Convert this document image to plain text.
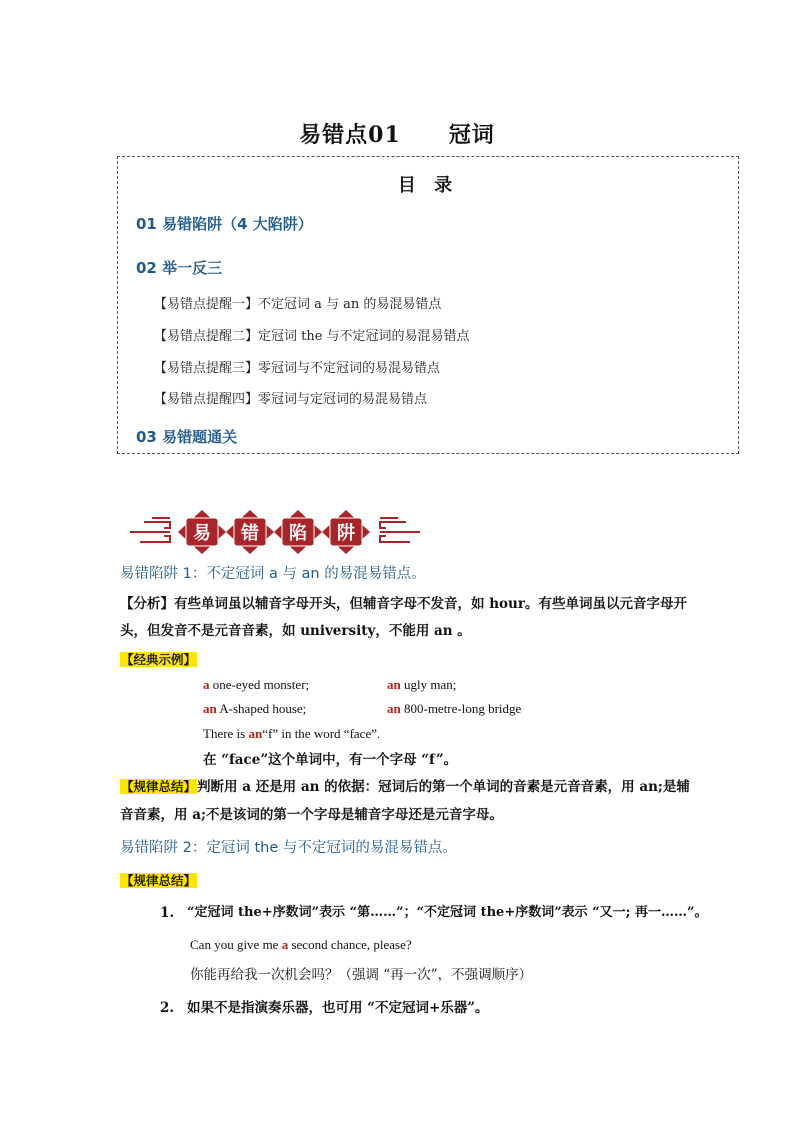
易错点01 冠词
目 录
01 易错陷阱（4 大陷阱）
02 举一反三
【易错点提醒一】不定冠词 a 与 an 的易混易错点
【易错点提醒二】定冠词 the 与不定冠词的易混易错点
【易错点提醒三】零冠词与不定冠词的易混易错点
【易错点提醒四】零冠词与定冠词的易混易错点
03 易错题通关
易 错 陷 阱
易错陷阱 1：不定冠词 a 与 an 的易混易错点。
【分析】有些单词虽以辅音字母开头，但辅音字母不发音，如 hour。有些单词虽以元音字母开
头，但发音不是元音音素，如 university，不能用 an 。
【经典示例】
a one-eyed monster;	an ugly man;
an A-shaped house;	an 800-metre-long bridge
There is an“f” in the word “face”.
在 “face”这个单词中，有一个字母 “f”。
【规律总结】判断用 a 还是用 an 的依据：冠词后的第一个单词的音素是元音音素，用 an;是辅
音音素，用 a;不是该词的第一个字母是辅音字母还是元音字母。
易错陷阱 2：定冠词 the 与不定冠词的易混易错点。
【规律总结】
1. “定冠词 the+序数词”表示 “第……”；“不定冠词 the+序数词”表示 “又一; 再一……”。
Can you give me a second chance, please?
你能再给我一次机会吗？（强调 “再一次”，不强调顺序）
2. 如果不是指演奏乐器，也可用 “不定冠词+乐器”。
